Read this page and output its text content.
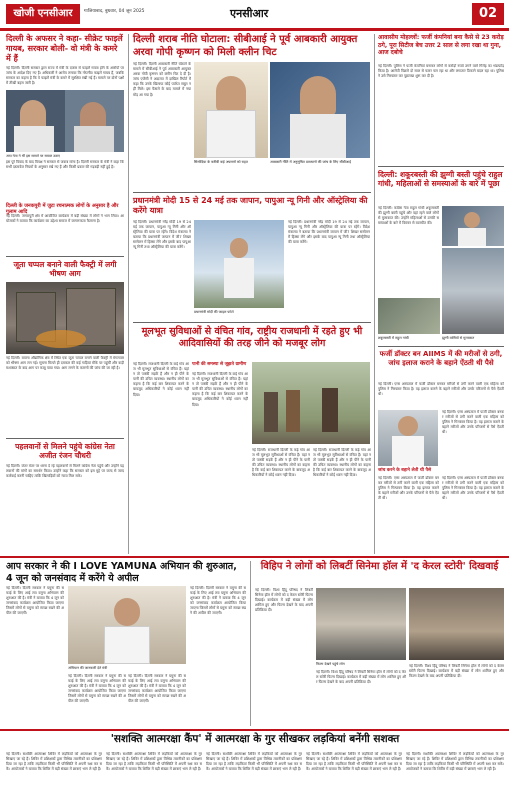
खोजी एनसीआर	गाजियाबाद, बुधवार, 04 जून 2025	एनसीआर	02
दिल्ली के अफसर ने कहा- सीक्रेट फाइलें गायब, सरकार बोली- वो मंत्री के कमरे में हैं
नई दिल्ली। दिल्ली सरकार द्वारा राज्य में मंत्री के दफ्तर से फाइलें गायब होने के आरोपों पर जांच के आदेश दिए गए हैं। अधिकारी ने आरोप लगाया कि गोपनीय फाइलें गायब हैं, जबकि सरकार का कहना है कि वे फाइलें मंत्री के कमरे में सुरक्षित रखी गई हैं। मामले पर दोनों पक्षों में तीखी बहस जारी है।
आप नेता ने भी इस मामले पर सवाल उठाए
इस पूरे विवाद के बाद विपक्ष ने सरकार से जवाब मांगा है। दिल्ली सरकार के मंत्री ने कहा कि सभी दस्तावेज नियमों के अनुसार रखे गए हैं और किसी प्रकार की गड़बड़ी नहीं हुई है।
दिल्ली के जनकपुरी में जुटा रचनात्मक लोगों के अनुसार है और गुलाम आदि
नई दिल्ली। जनकपुरी क्षेत्र में आयोजित कार्यक्रम में बड़ी संख्या में लोगों ने भाग लिया। आयोजकों ने बताया कि कार्यक्रम का उद्देश्य समाज में जागरूकता फैलाना है।
जूता चप्पल बनाने वाली फैक्ट्री में लगी भीषण आग
नई दिल्ली। बवाना औद्योगिक क्षेत्र में स्थित एक जूता चप्पल बनाने वाली फैक्ट्री में मंगलवार को भीषण आग लग गई। सूचना मिलते ही दमकल की कई गाड़ियां मौके पर पहुंचीं और कड़ी मशक्कत के बाद आग पर काबू पाया गया। आग लगने के कारणों की जांच की जा रही है।
पहलवानों से मिलने पहुंचे कांग्रेस नेता अजीत रंजन चौधरी
नई दिल्ली। जंतर मंतर पर धरना दे रहे पहलवानों से मिलने कांग्रेस नेता पहुंचे और उन्होंने पहलवानों की मांगों का समर्थन किया। उन्होंने कहा कि सरकार को इस मुद्दे पर जल्द से जल्द कार्रवाई करनी चाहिए ताकि खिलाड़ियों को न्याय मिल सके।
दिल्ली शराब नीति घोटाला: सीबीआई ने पूर्व आबकारी आयुक्त अरवा गोपी कृष्णन को मिली क्लीन चिट
नई दिल्ली। दिल्ली आबकारी नीति घोटाले के मामले में सीबीआई ने पूर्व आबकारी आयुक्त अरवा गोपी कृष्णन को क्लीन चिट दे दी है। जांच एजेंसी ने अदालत में दाखिल रिपोर्ट में कहा कि उनके खिलाफ कोई पर्याप्त सबूत नहीं मिले। इस फैसले के बाद मामले में नया मोड़ आ गया है।
सिसोदिया के करीबी कई अफसरों को राहत	आबकारी नीति में अनुसूचित प्रावधानों की जांच के लिए सीबीआई
प्रधानमंत्री मोदी 15 से 24 मई तक जापान, पापुआ न्यू गिनी और ऑस्ट्रेलिया की करेंगे यात्रा
नई दिल्ली। प्रधानमंत्री नरेंद्र मोदी 19 से 24 मई तक जापान, पापुआ न्यू गिनी और ऑस्ट्रेलिया की यात्रा पर रहेंगे। विदेश मंत्रालय ने बताया कि प्रधानमंत्री जापान में जी7 शिखर सम्मेलन में हिस्सा लेंगे और इसके बाद पापुआ न्यू गिनी तथा ऑस्ट्रेलिया की यात्रा करेंगे।
प्रधानमंत्री मोदी की फाइल फोटो
नई दिल्ली। प्रधानमंत्री नरेंद्र मोदी 19 से 24 मई तक जापान, पापुआ न्यू गिनी और ऑस्ट्रेलिया की यात्रा पर रहेंगे। विदेश मंत्रालय ने बताया कि प्रधानमंत्री जापान में जी7 शिखर सम्मेलन में हिस्सा लेंगे और इसके बाद पापुआ न्यू गिनी तथा ऑस्ट्रेलिया की यात्रा करेंगे।
मूलभूत सुविधाओं से वंचित गांव, राष्ट्रीय राजधानी में रहते हुए भी आदिवासियों की तरह जीने को मजबूर लोग
नई दिल्ली। राजधानी दिल्ली के कई गांव आज भी मूलभूत सुविधाओं से वंचित हैं। यहां न तो पक्की सड़कें हैं और न ही पीने के पानी की उचित व्यवस्था। स्थानीय लोगों का कहना है कि कई बार शिकायत करने के बावजूद अधिकारियों ने कोई ध्यान नहीं दिया।
पानी की समस्या से जूझते ग्रामीण
नई दिल्ली। राजधानी दिल्ली के कई गांव आज भी मूलभूत सुविधाओं से वंचित हैं। यहां न तो पक्की सड़कें हैं और न ही पीने के पानी की उचित व्यवस्था। स्थानीय लोगों का कहना है कि कई बार शिकायत करने के बावजूद अधिकारियों ने कोई ध्यान नहीं दिया।
नई दिल्ली। राजधानी दिल्ली के कई गांव आज भी मूलभूत सुविधाओं से वंचित हैं। यहां न तो पक्की सड़कें हैं और न ही पीने के पानी की उचित व्यवस्था। स्थानीय लोगों का कहना है कि कई बार शिकायत करने के बावजूद अधिकारियों ने कोई ध्यान नहीं दिया।
नई दिल्ली। राजधानी दिल्ली के कई गांव आज भी मूलभूत सुविधाओं से वंचित हैं। यहां न तो पक्की सड़कें हैं और न ही पीने के पानी की उचित व्यवस्था। स्थानीय लोगों का कहना है कि कई बार शिकायत करने के बावजूद अधिकारियों ने कोई ध्यान नहीं दिया।
आवासीय मोहल्लों: फर्जी कंपनियां बना कैसे से 23 करोड़ ठगे, पूरा सिटीज बेच उत्तर 2 साल से लगा रखा था गुना, आज दबोचे
नई दिल्ली। पुलिस ने फर्जी कंपनियां बनाकर लोगों से करोड़ों रुपये ठगने वाले गिरोह का भंडाफोड़ किया है। आरोपी पिछले दो साल से फरार चल रहा था और लगातार ठिकाने बदल रहा था। पुलिस ने उसे गिरफ्तार कर पूछताछ शुरू कर दी है।
दिल्ली: शकूरबस्ती की झुग्गी बस्ती पहुंचे राहुल गांधी, महिलाओं से समस्याओं के बारे में पूछा
नई दिल्ली। कांग्रेस नेता राहुल गांधी शकूरबस्ती की झुग्गी बस्ती पहुंचे और वहां रहने वाले लोगों से मुलाकात की। उन्होंने महिलाओं से उनकी समस्याओं के बारे में विस्तार से बातचीत की।
शकूरबस्ती में राहुल गांधी	झुग्गी वासियों से मुलाकात
फर्जी डॉक्टर बन AIIMS में की मरीजों से ठगी, जांच इलाज कराने के बहाने ऐंठती थी पैसे
नई दिल्ली। एम्स अस्पताल में फर्जी डॉक्टर बनकर मरीजों से ठगी करने वाली एक महिला को पुलिस ने गिरफ्तार किया है। वह इलाज कराने के बहाने मरीजों और उनके परिजनों से पैसे ऐंठती थी।
नई दिल्ली। एम्स अस्पताल में फर्जी डॉक्टर बनकर मरीजों से ठगी करने वाली एक महिला को पुलिस ने गिरफ्तार किया है। वह इलाज कराने के बहाने मरीजों और उनके परिजनों से पैसे ऐंठती थी।
जांच करने के बहाने लेती थी पैसे
नई दिल्ली। एम्स अस्पताल में फर्जी डॉक्टर बनकर मरीजों से ठगी करने वाली एक महिला को पुलिस ने गिरफ्तार किया है। वह इलाज कराने के बहाने मरीजों और उनके परिजनों से पैसे ऐंठती थी।
नई दिल्ली। एम्स अस्पताल में फर्जी डॉक्टर बनकर मरीजों से ठगी करने वाली एक महिला को पुलिस ने गिरफ्तार किया है। वह इलाज कराने के बहाने मरीजों और उनके परिजनों से पैसे ऐंठती थी।
आप सरकार ने की I LOVE YAMUNA अभियान की शुरुआत, 4 जून को जनसंवाद में करेंगे ये अपील
नई दिल्ली। दिल्ली सरकार ने यमुना की सफाई के लिए आई लव यमुना अभियान की शुरुआत की है। मंत्री ने बताया कि 4 जून को जनसंवाद कार्यक्रम आयोजित किया जाएगा जिसमें लोगों से यमुना को स्वच्छ रखने की अपील की जाएगी।
अभियान की जानकारी देते मंत्री
नई दिल्ली। दिल्ली सरकार ने यमुना की सफाई के लिए आई लव यमुना अभियान की शुरुआत की है। मंत्री ने बताया कि 4 जून को जनसंवाद कार्यक्रम आयोजित किया जाएगा जिसमें लोगों से यमुना को स्वच्छ रखने की अपील की जाएगी।
नई दिल्ली। दिल्ली सरकार ने यमुना की सफाई के लिए आई लव यमुना अभियान की शुरुआत की है। मंत्री ने बताया कि 4 जून को जनसंवाद कार्यक्रम आयोजित किया जाएगा जिसमें लोगों से यमुना को स्वच्छ रखने की अपील की जाएगी।
नई दिल्ली। दिल्ली सरकार ने यमुना की सफाई के लिए आई लव यमुना अभियान की शुरुआत की है। मंत्री ने बताया कि 4 जून को जनसंवाद कार्यक्रम आयोजित किया जाएगा जिसमें लोगों से यमुना को स्वच्छ रखने की अपील की जाएगी।
विहिप ने लोगों को लिबर्टी सिनेमा हॉल में 'द केरल स्टोरी' दिखवाई
नई दिल्ली। विश्व हिंदू परिषद ने लिबर्टी सिनेमा हॉल में लोगों को द केरल स्टोरी फिल्म दिखाई। कार्यक्रम में बड़ी संख्या में लोग शामिल हुए और फिल्म देखने के बाद अपनी प्रतिक्रिया दी।
फिल्म देखने पहुंचे लोग
नई दिल्ली। विश्व हिंदू परिषद ने लिबर्टी सिनेमा हॉल में लोगों को द केरल स्टोरी फिल्म दिखाई। कार्यक्रम में बड़ी संख्या में लोग शामिल हुए और फिल्म देखने के बाद अपनी प्रतिक्रिया दी।
नई दिल्ली। विश्व हिंदू परिषद ने लिबर्टी सिनेमा हॉल में लोगों को द केरल स्टोरी फिल्म दिखाई। कार्यक्रम में बड़ी संख्या में लोग शामिल हुए और फिल्म देखने के बाद अपनी प्रतिक्रिया दी।
'सशक्ति आत्मरक्षा कैंप' में आत्मरक्षा के गुर सीखकर लड़कियां बनेंगी सशक्त
नई दिल्ली। सशक्ति आत्मरक्षा शिविर में लड़कियों को आत्मरक्षा के गुर सिखाए जा रहे हैं। शिविर में प्रशिक्षकों द्वारा विभिन्न तकनीकों का प्रशिक्षण दिया जा रहा है ताकि लड़कियां किसी भी परिस्थिति में अपनी रक्षा कर सकें। आयोजकों ने बताया कि शिविर में बड़ी संख्या में छात्राएं भाग ले रही हैं।
नई दिल्ली। सशक्ति आत्मरक्षा शिविर में लड़कियों को आत्मरक्षा के गुर सिखाए जा रहे हैं। शिविर में प्रशिक्षकों द्वारा विभिन्न तकनीकों का प्रशिक्षण दिया जा रहा है ताकि लड़कियां किसी भी परिस्थिति में अपनी रक्षा कर सकें। आयोजकों ने बताया कि शिविर में बड़ी संख्या में छात्राएं भाग ले रही हैं।
नई दिल्ली। सशक्ति आत्मरक्षा शिविर में लड़कियों को आत्मरक्षा के गुर सिखाए जा रहे हैं। शिविर में प्रशिक्षकों द्वारा विभिन्न तकनीकों का प्रशिक्षण दिया जा रहा है ताकि लड़कियां किसी भी परिस्थिति में अपनी रक्षा कर सकें। आयोजकों ने बताया कि शिविर में बड़ी संख्या में छात्राएं भाग ले रही हैं।
नई दिल्ली। सशक्ति आत्मरक्षा शिविर में लड़कियों को आत्मरक्षा के गुर सिखाए जा रहे हैं। शिविर में प्रशिक्षकों द्वारा विभिन्न तकनीकों का प्रशिक्षण दिया जा रहा है ताकि लड़कियां किसी भी परिस्थिति में अपनी रक्षा कर सकें। आयोजकों ने बताया कि शिविर में बड़ी संख्या में छात्राएं भाग ले रही हैं।
नई दिल्ली। सशक्ति आत्मरक्षा शिविर में लड़कियों को आत्मरक्षा के गुर सिखाए जा रहे हैं। शिविर में प्रशिक्षकों द्वारा विभिन्न तकनीकों का प्रशिक्षण दिया जा रहा है ताकि लड़कियां किसी भी परिस्थिति में अपनी रक्षा कर सकें। आयोजकों ने बताया कि शिविर में बड़ी संख्या में छात्राएं भाग ले रही हैं।
